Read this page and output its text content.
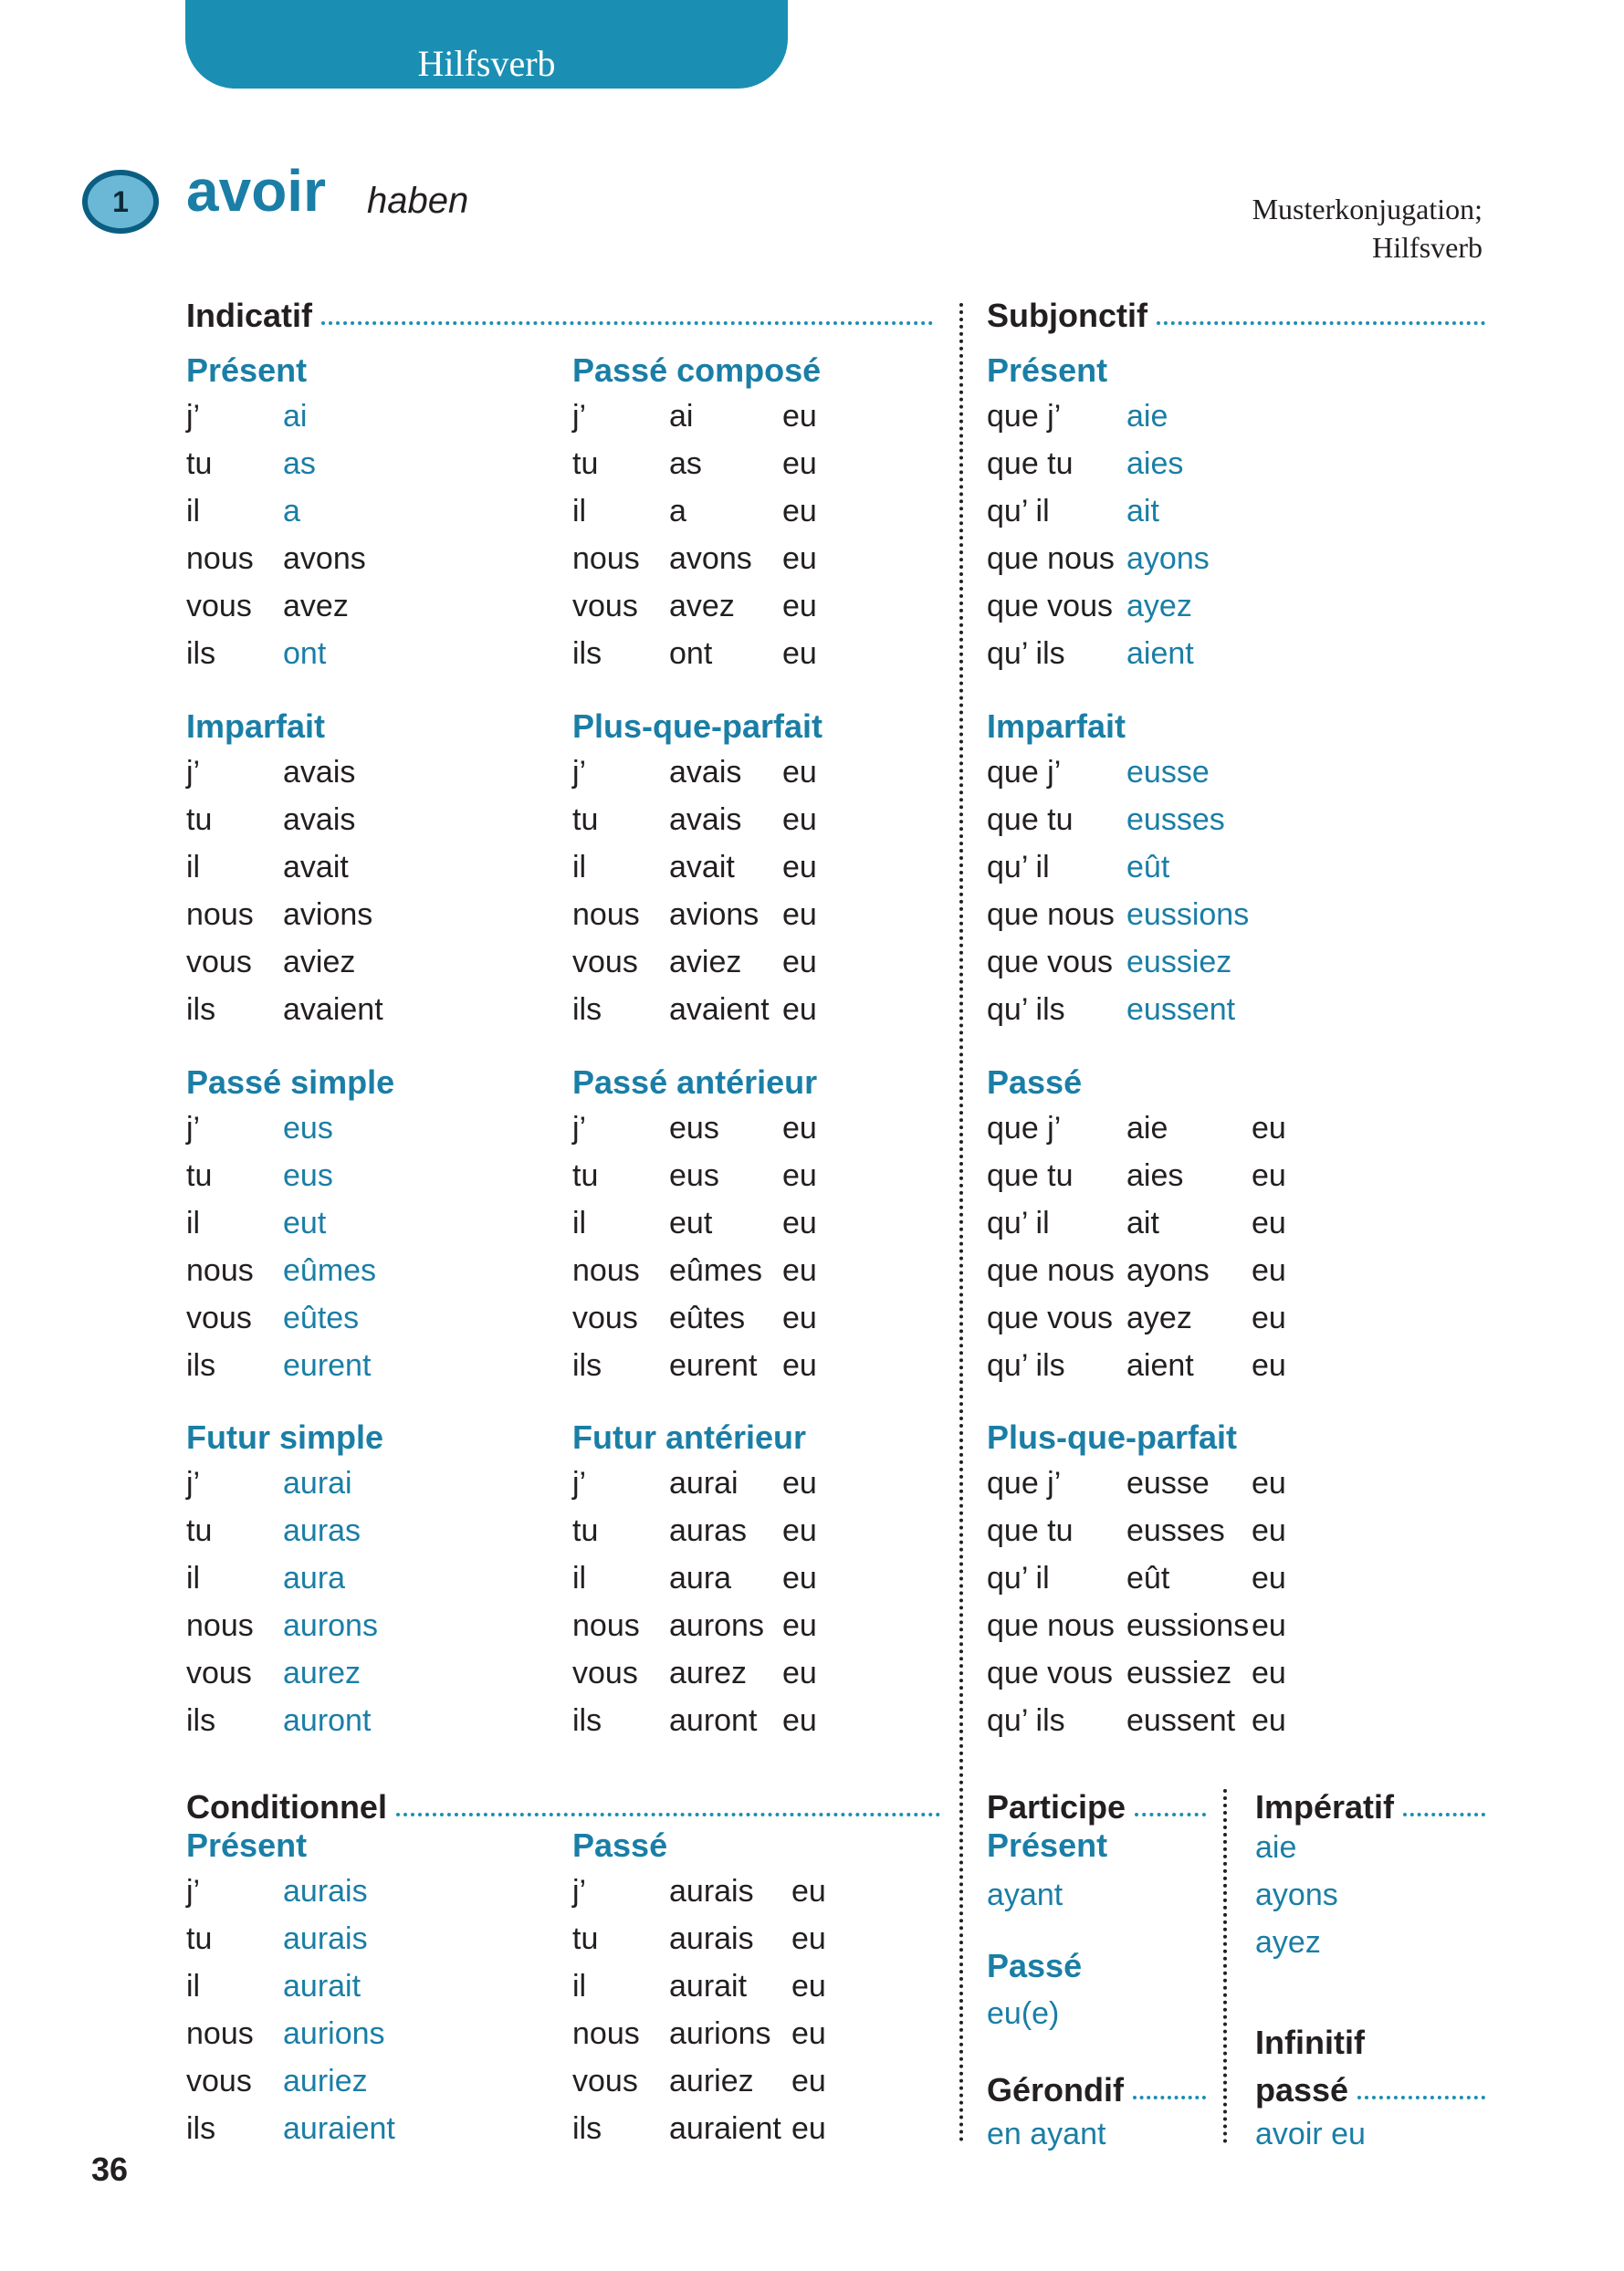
Hilfsverb
1 avoir haben	Musterkonjugation;
Hilfsverb
Indicatif	Subjonctif
Conditionnel	Participe	Impératif
Gérondif
Infinitif
passé
Présent
j’	ai
tu as
il	a
nous avons
vous avez
ils ont
Passé composé
j’	ai	eu
tu as	eu
il	a	eu
nous avons eu
vous avez eu
ils ont eu
Imparfait
j’	avais
tu avais
il	avait
nous avions
vous aviez
ils avaient
Plus-que-parfait
j’	avais eu
tu avais eu
il	avait eu
nous avions eu
vous aviez eu
ils avaient eu
Passé simple
j’	eus
tu eus
il	eut
nous eûmes
vous eûtes
ils eurent
Passé antérieur
j’	eus eu
tu eus eu
il	eut eu
nous eûmes eu
vous eûtes eu
ils eurent eu
Futur simple
j’	aurai
tu auras
il	aura
nous aurons
vous aurez
ils auront
Futur antérieur
j’	aurai eu
tu auras eu
il	aura eu
nous aurons eu
vous aurez eu
ils auront eu
Présent
j’	aurais
tu aurais
il	aurait
nous aurions
vous auriez
ils auraient
Passé
j’	aurais eu
tu aurais eu
il	aurait eu
nous aurions eu
vous auriez eu
ils auraient eu
Présent
que j’ aie
que tu aies
qu’ il ait
que nous ayons
que vous ayez
qu’ ils aient
Imparfait
que j’ eusse
que tu eusses
qu’ il eût
que nous eussions
que vous eussiez
qu’ ils eussent
Passé
que j’ aie	eu
que tu aies eu
qu’ il ait	eu
que nous ayons eu
que vous ayez eu
qu’ ils aient eu
Plus-que-parfait
que j’ eusse eu
que tu eusses eu
qu’ il eût	eu
que nous eussions eu
que vous eussiez eu
qu’ ils eussent eu
Présent
ayant
Passé
eu(e)
en ayant
aie
ayons
ayez
avoir eu
36
